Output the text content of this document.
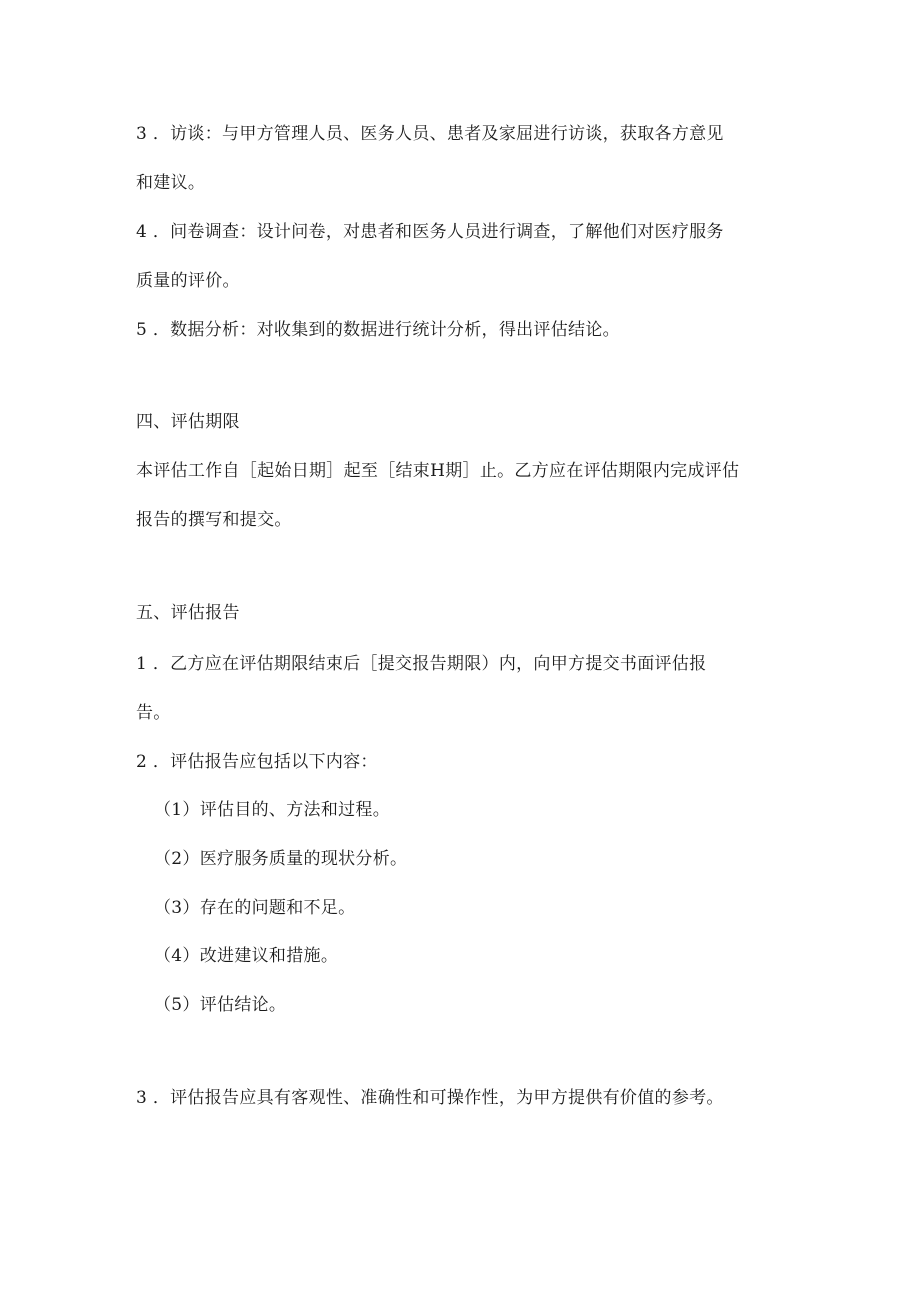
3 ．访谈：与甲方管理人员、医务人员、患者及家屈进行访谈，获取各方意见
和建议。
4 ．问卷调查：设计问卷，对患者和医务人员进行调查，了解他们对医疗服务
质量的评价。
5 ．数据分析：对收集到的数据进行统计分析，得出评估结论。
四、评估期限
本评估工作自［起始日期］起至［结束H期］止。乙方应在评估期限内完成评估
报告的撰写和提交。
五、评估报告
1 ．乙方应在评估期限结束后［提交报告期限）内，向甲方提交书面评估报
告。
2 ．评估报告应包括以下内容：
（1）评估目的、方法和过程。
（2）医疗服务质量的现状分析。
（3）存在的问题和不足。
（4）改进建议和措施。
（5）评估结论。
3 ．评估报告应具有客观性、准确性和可操作性，为甲方提供有价值的参考。
